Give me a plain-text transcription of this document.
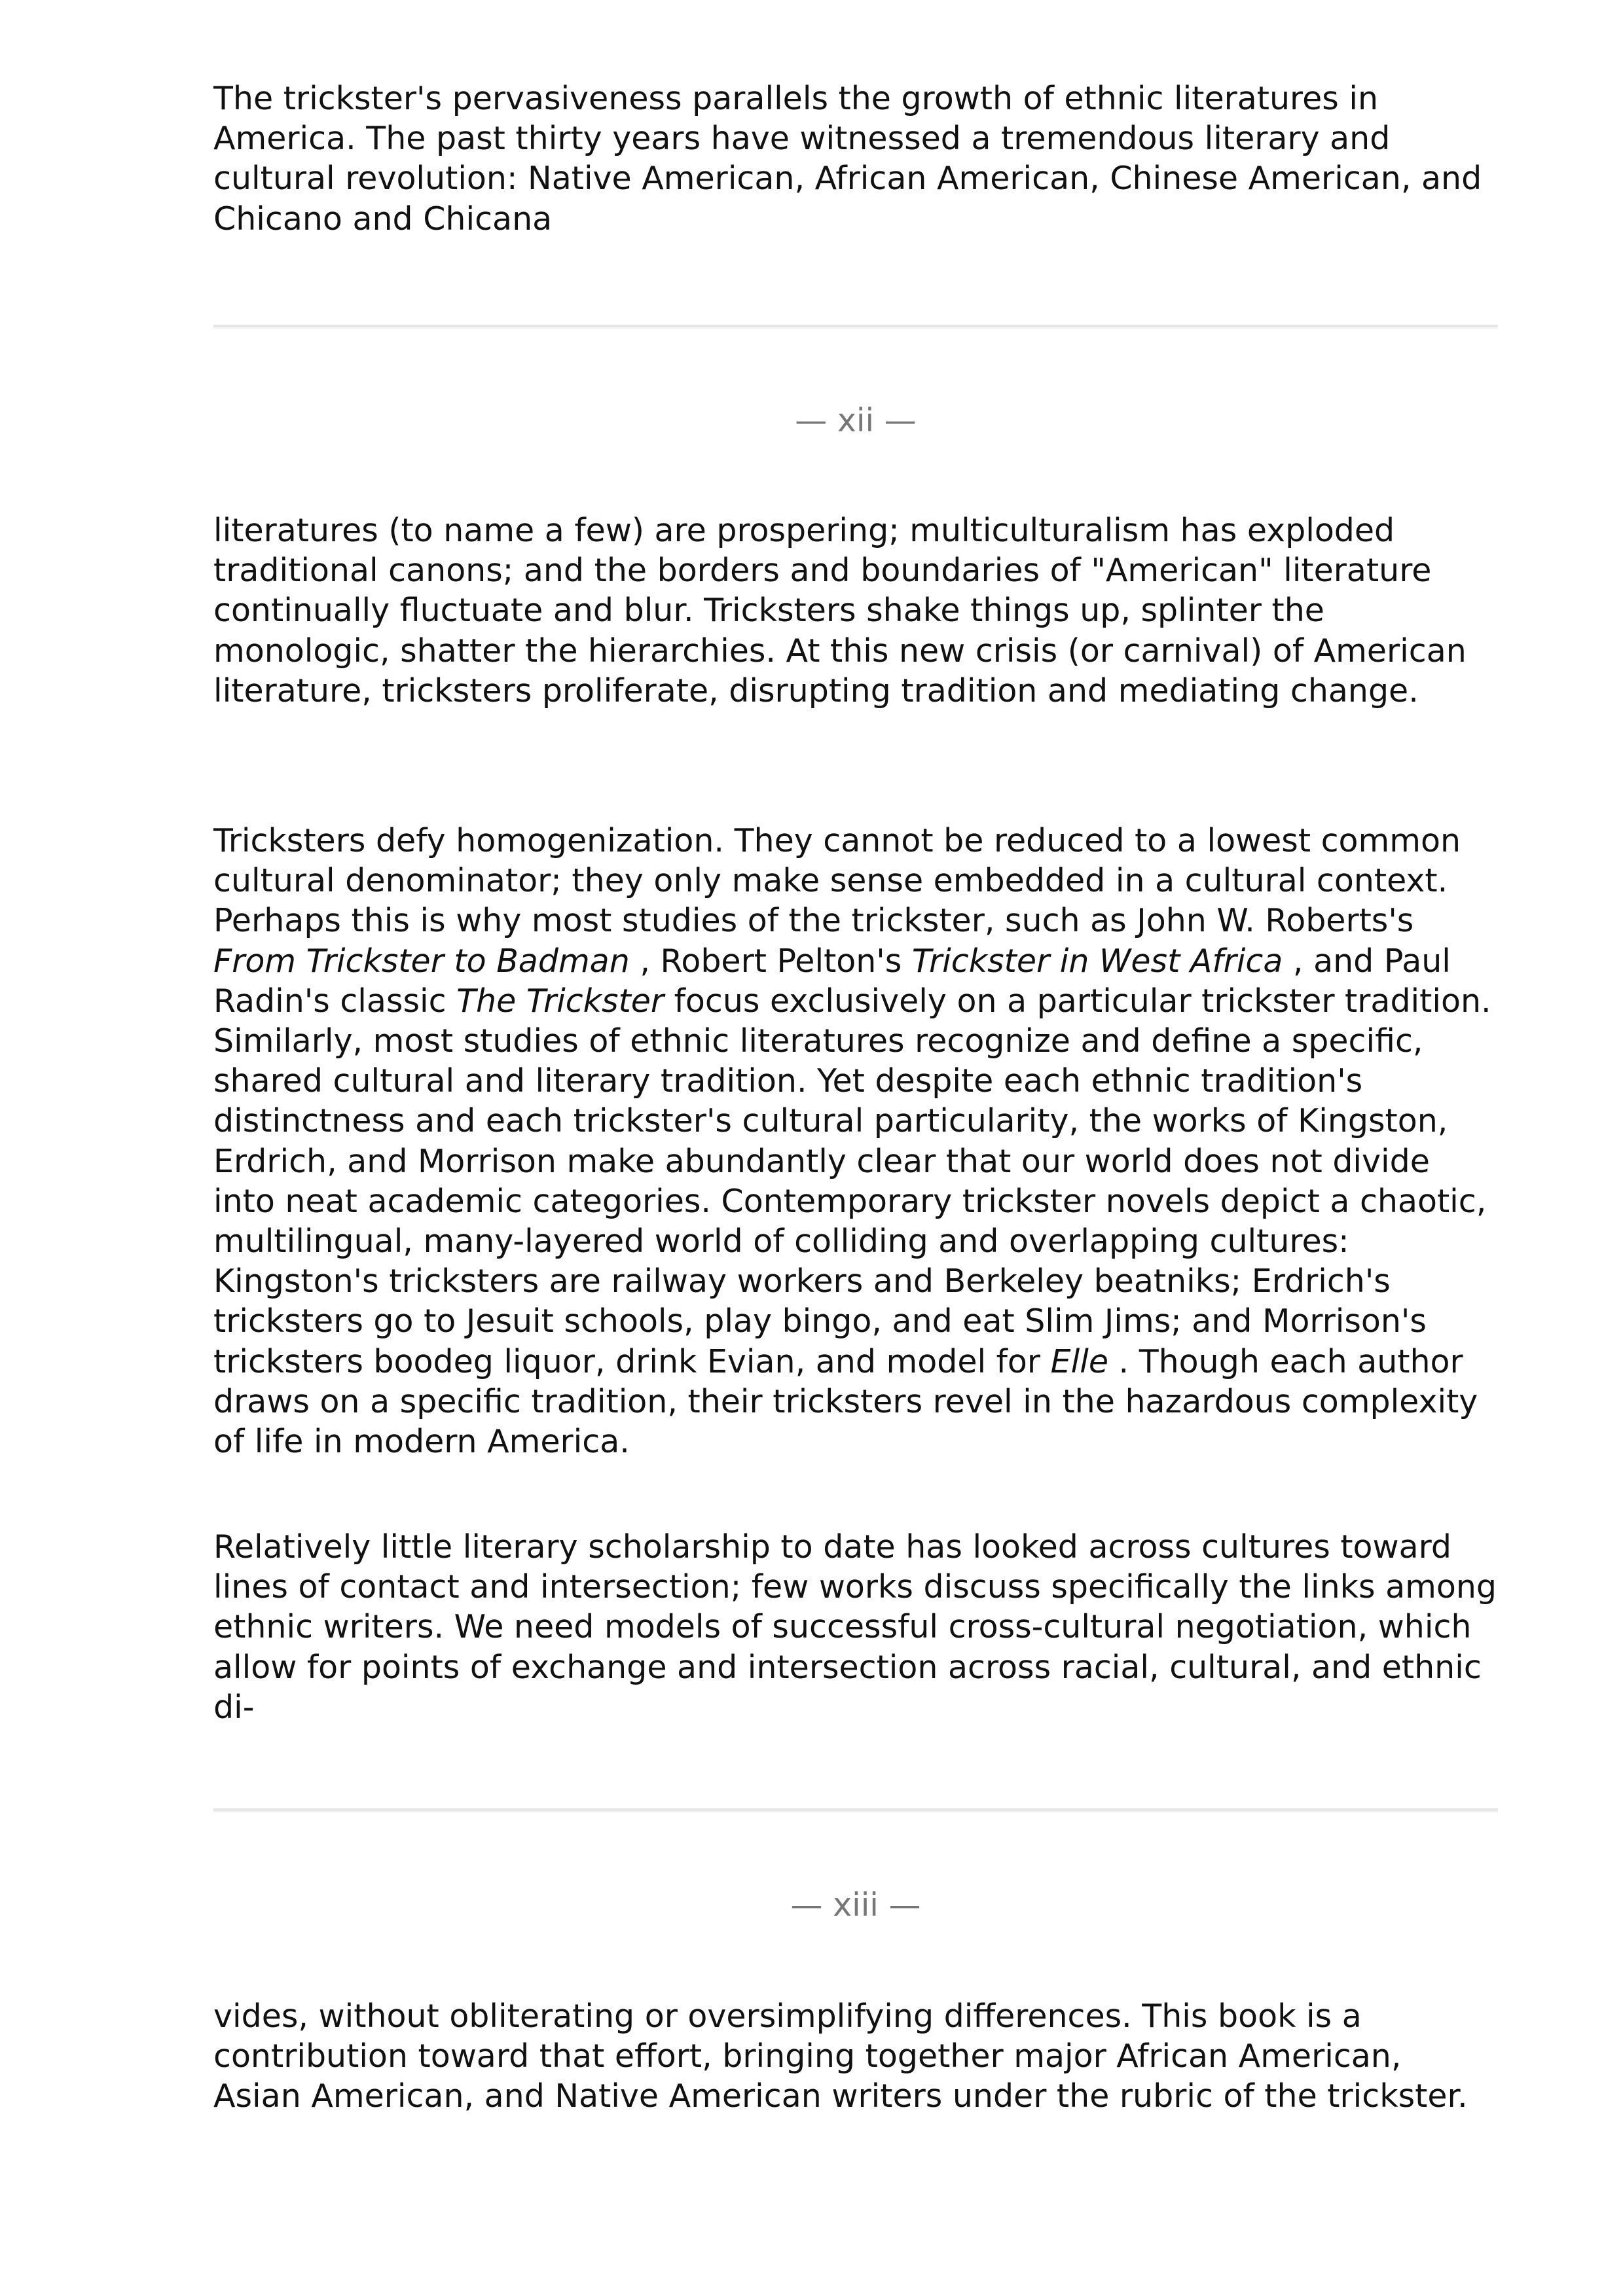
The trickster's pervasiveness parallels the growth of ethnic literatures in America. The past thirty years have witnessed a tremendous literary and cultural revolution: Native American, African American, Chinese American, and Chicano and Chicana

— xii —

literatures (to name a few) are prospering; multiculturalism has exploded traditional canons; and the borders and boundaries of "American" literature continually fluctuate and blur. Tricksters shake things up, splinter the monologic, shatter the hierarchies. At this new crisis (or carnival) of American literature, tricksters proliferate, disrupting tradition and mediating change.

Tricksters defy homogenization. They cannot be reduced to a lowest common cultural denominator; they only make sense embedded in a cultural context. Perhaps this is why most studies of the trickster, such as John W. Roberts's From Trickster to Badman , Robert Pelton's Trickster in West Africa , and Paul Radin's classic The Trickster focus exclusively on a particular trickster tradition. Similarly, most studies of ethnic literatures recognize and define a specific, shared cultural and literary tradition. Yet despite each ethnic tradition's distinctness and each trickster's cultural particularity, the works of Kingston, Erdrich, and Morrison make abundantly clear that our world does not divide into neat academic categories. Contemporary trickster novels depict a chaotic, multilingual, many-layered world of colliding and overlapping cultures: Kingston's tricksters are railway workers and Berkeley beatniks; Erdrich's tricksters go to Jesuit schools, play bingo, and eat Slim Jims; and Morrison's tricksters boodeg liquor, drink Evian, and model for Elle . Though each author draws on a specific tradition, their tricksters revel in the hazardous complexity of life in modern America.

Relatively little literary scholarship to date has looked across cultures toward lines of contact and intersection; few works discuss specifically the links among ethnic writers. We need models of successful cross-cultural negotiation, which allow for points of exchange and intersection across racial, cultural, and ethnic di-

— xiii —

vides, without obliterating or oversimplifying differences. This book is a contribution toward that effort, bringing together major African American, Asian American, and Native American writers under the rubric of the trickster.
